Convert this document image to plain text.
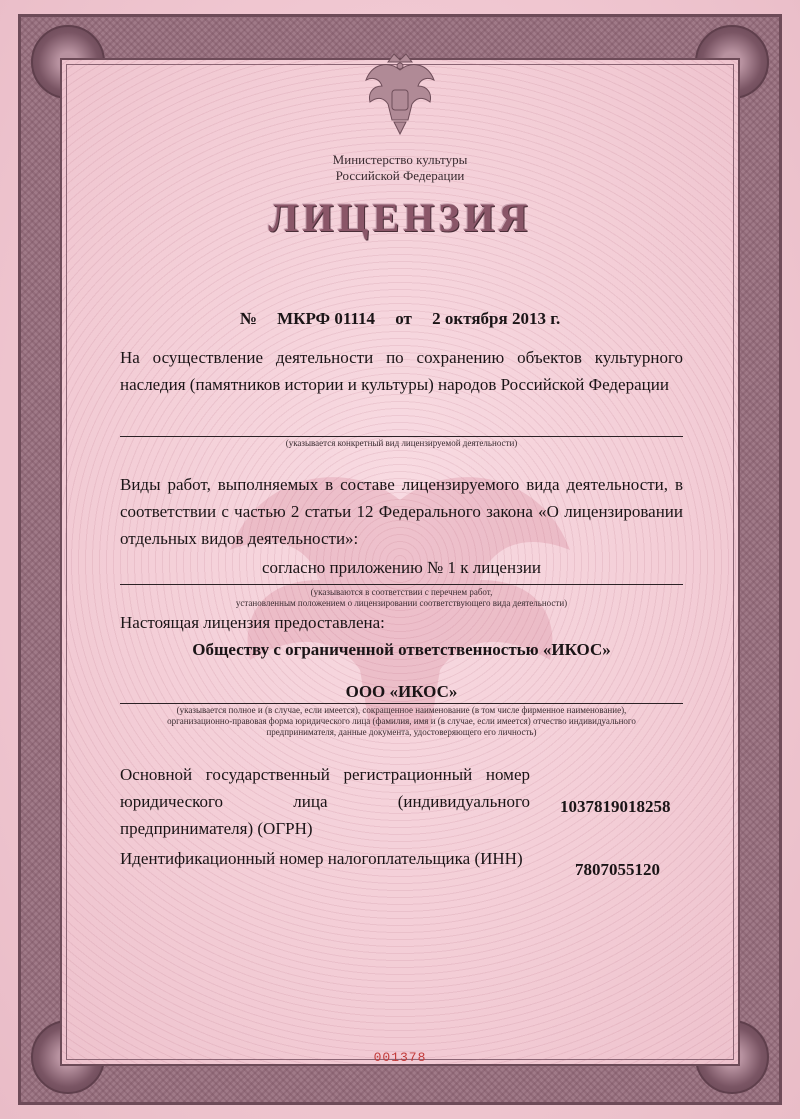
Министерство культуры
Российской Федерации
ЛИЦЕНЗИЯ
№ МКРФ 01114 от 2 октября 2013 г.
На осуществление деятельности по сохранению объектов культурного наследия (памятников истории и культуры) народов Российской Федерации
(указывается конкретный вид лицензируемой деятельности)
Виды работ, выполняемых в составе лицензируемого вида деятельности, в соответствии с частью 2 статьи 12 Федерального закона «О лицензировании отдельных видов деятельности»:
согласно приложению № 1 к лицензии
(указываются в соответствии с перечнем работ,
установленным положением о лицензировании соответствующего вида деятельности)
Настоящая лицензия предоставлена:
Обществу с ограниченной ответственностью «ИКОС»
ООО «ИКОС»
(указывается полное и (в случае, если имеется), сокращенное наименование (в том числе фирменное наименование),
организационно-правовая форма юридического лица (фамилия, имя и (в случае, если имеется) отчество индивидуального
предпринимателя, данные документа, удостоверяющего его личность)
Основной государственный регистрационный номер юридического лица (индивидуального предпринимателя) (ОГРН)
1037819018258
Идентификационный номер налогоплательщика (ИНН)
7807055120
001378
